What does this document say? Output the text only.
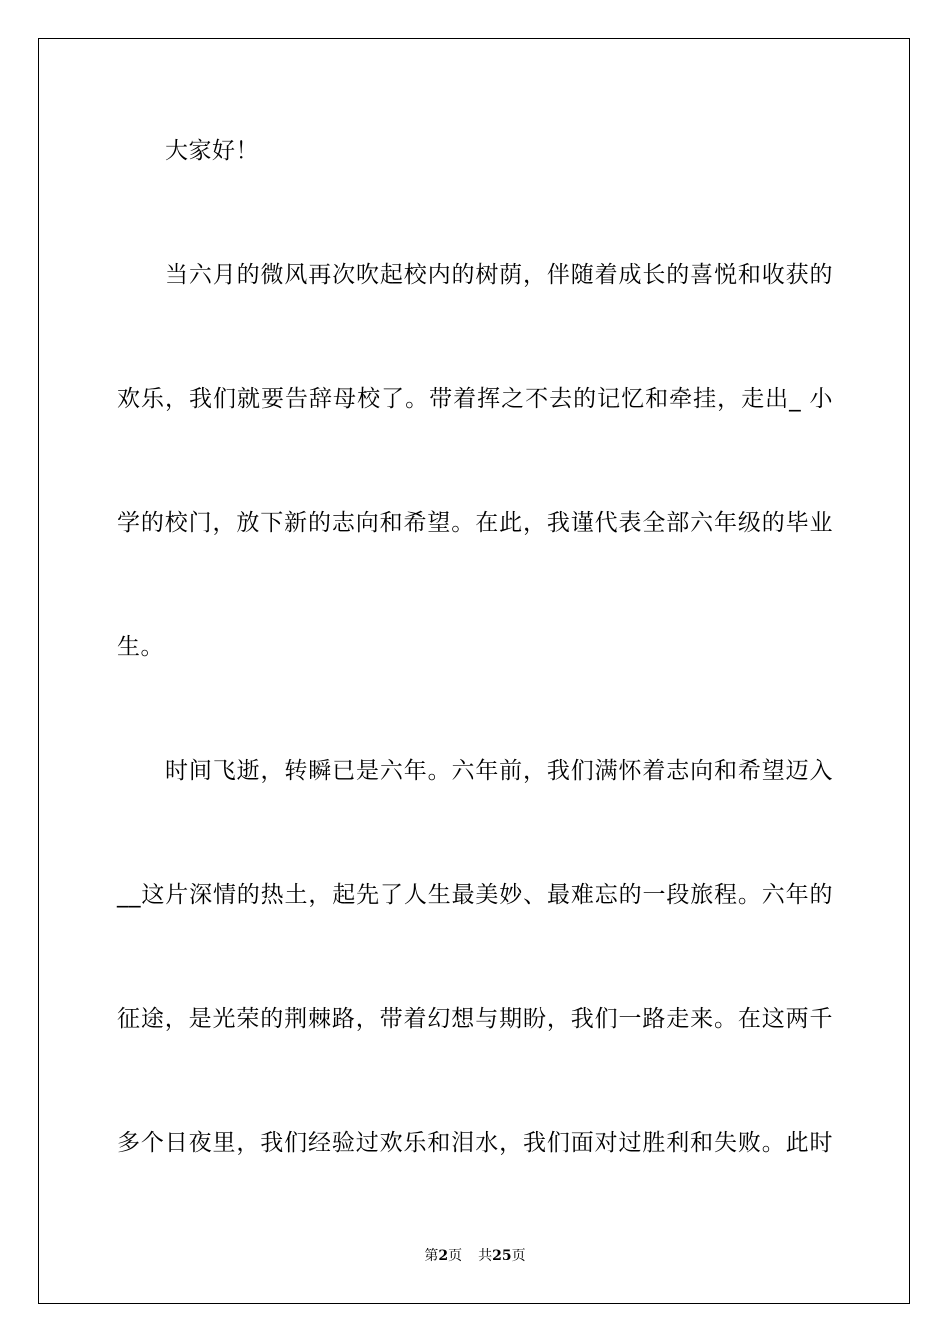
大家好！
当六月的微风再次吹起校内的树荫，伴随着成长的喜悦和收获的
欢乐，我们就要告辞母校了。带着挥之不去的记忆和牵挂，走出_ 小
学的校门，放下新的志向和希望。在此，我谨代表全部六年级的毕业
生。
时间飞逝，转瞬已是六年。六年前，我们满怀着志向和希望迈入
__这片深情的热土，起先了人生最美妙、最难忘的一段旅程。六年的
征途，是光荣的荆棘路，带着幻想与期盼，我们一路走来。在这两千
多个日夜里，我们经验过欢乐和泪水，我们面对过胜利和失败。此时
第2页 共25页
